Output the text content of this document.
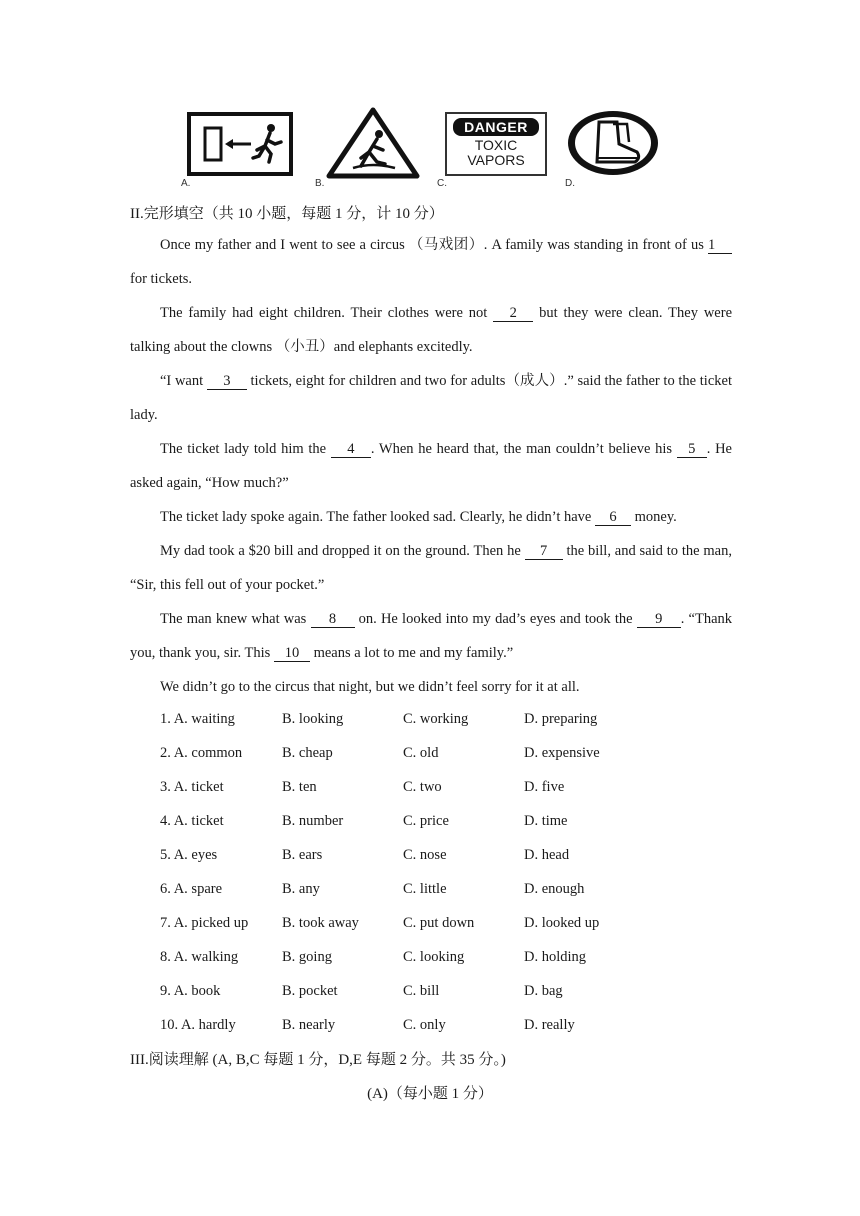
A.	B.
DANGER
TOXIC
VAPORS
C.	D.
II.完形填空（共 10 小题，每题 1 分，计 10 分）
Once my father and I went to see a circus （马戏团）. A family was standing in front of us 1 for tickets.
The family had eight children. Their clothes were not 2 but they were clean. They were talking about the clowns （小丑）and elephants excitedly.
“I want 3 tickets, eight for children and two for adults（成人）.” said the father to the ticket lady.
The ticket lady told him the 4 . When he heard that, the man couldn’t believe his 5 . He asked again, “How much?”
The ticket lady spoke again. The father looked sad. Clearly, he didn’t have 6 money.
My dad took a $20 bill and dropped it on the ground. Then he 7 the bill, and said to the man, “Sir, this fell out of your pocket.”
The man knew what was 8 on. He looked into my dad’s eyes and took the 9 . “Thank you, thank you, sir. This 10 means a lot to me and my family.”
We didn’t go to the circus that night, but we didn’t feel sorry for it at all.
1. A. waiting	B. looking	C. working	D. preparing
2. A. common	B. cheap	C. old	D. expensive
3. A. ticket	B. ten	C. two	D. five
4. A. ticket	B. number	C. price	D. time
5. A. eyes	B. ears	C. nose	D. head
6. A. spare	B. any	C. little	D. enough
7. A. picked up B. took away	C. put down	D. looked up
8. A. walking	B. going	C. looking	D. holding
9. A. book	B. pocket	C. bill	D. bag
10. A. hardly	B. nearly	C. only	D. really
III.阅读理解 (A, B,C 每题 1 分，D,E 每题 2 分。共 35 分。)
(A)（每小题 1 分）
